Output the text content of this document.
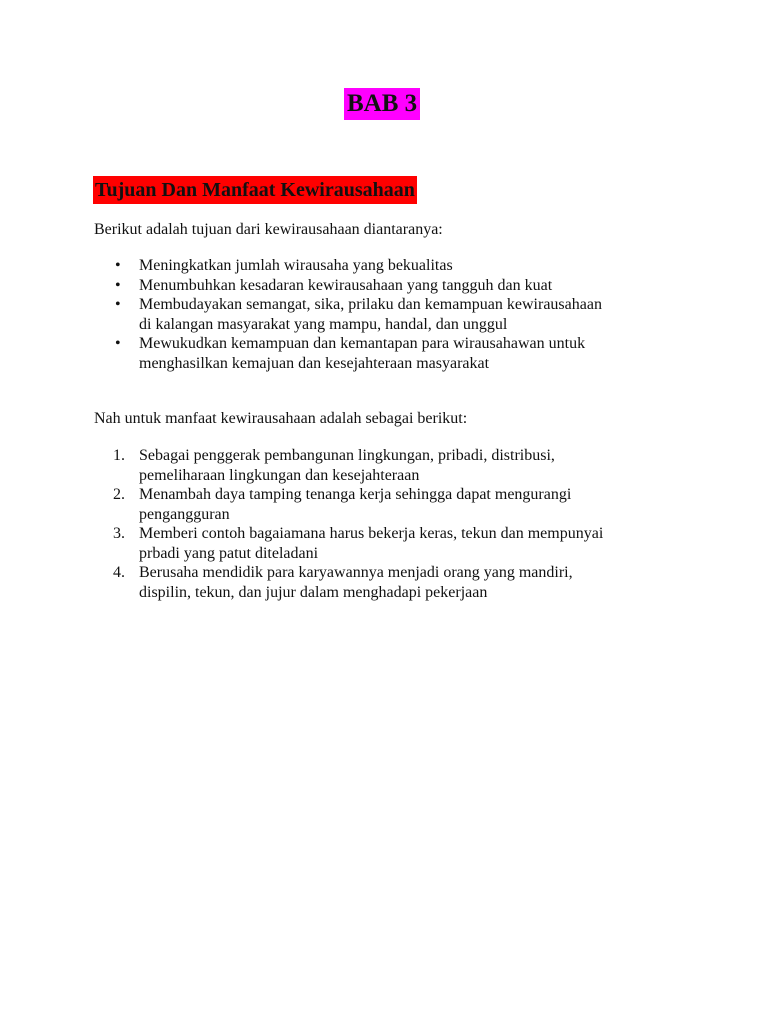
BAB 3
Tujuan Dan Manfaat Kewirausahaan
Berikut adalah tujuan dari kewirausahaan diantaranya:
• Meningkatkan jumlah wirausaha yang bekualitas
• Menumbuhkan kesadaran kewirausahaan yang tangguh dan kuat
• Membudayakan semangat, sika, prilaku dan kemampuan kewirausahaan
di kalangan masyarakat yang mampu, handal, dan unggul
• Mewukudkan kemampuan dan kemantapan para wirausahawan untuk
menghasilkan kemajuan dan kesejahteraan masyarakat
Nah untuk manfaat kewirausahaan adalah sebagai berikut:
1. Sebagai penggerak pembangunan lingkungan, pribadi, distribusi,
pemeliharaan lingkungan dan kesejahteraan
2. Menambah daya tamping tenanga kerja sehingga dapat mengurangi
pengangguran
3. Memberi contoh bagaiamana harus bekerja keras, tekun dan mempunyai
prbadi yang patut diteladani
4. Berusaha mendidik para karyawannya menjadi orang yang mandiri,
dispilin, tekun, dan jujur dalam menghadapi pekerjaan
